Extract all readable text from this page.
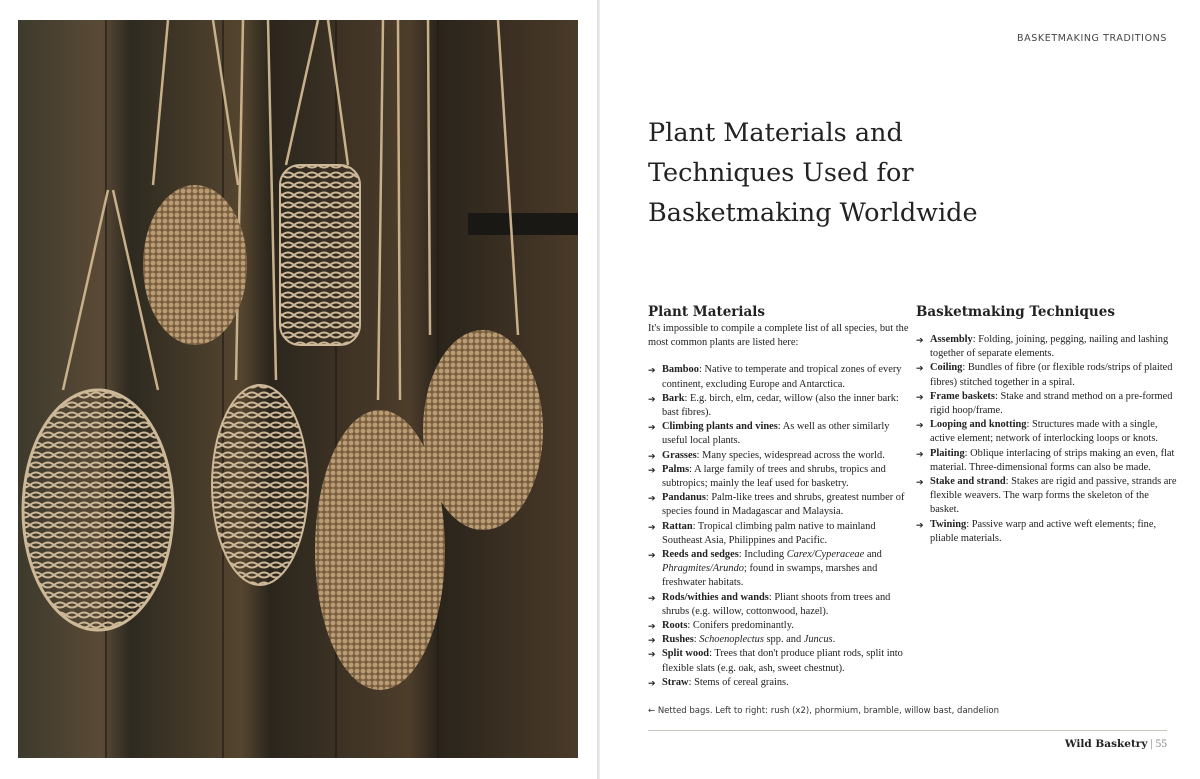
BASKETMAKING TRADITIONS
Plant Materials and
Techniques Used for
Basketmaking Worldwide
Plant Materials

It's impossible to compile a complete list of all species, but the most common plants are listed here:

➔ Bamboo: Native to temperate and tropical zones of every continent, excluding Europe and Antarctica.
➔ Bark: E.g. birch, elm, cedar, willow (also the inner bark: bast fibres).
➔ Climbing plants and vines: As well as other similarly useful local plants.
➔ Grasses: Many species, widespread across the world.
➔ Palms: A large family of trees and shrubs, tropics and subtropics; mainly the leaf used for basketry.
➔ Pandanus: Palm-like trees and shrubs, greatest number of species found in Madagascar and Malaysia.
➔ Rattan: Tropical climbing palm native to mainland Southeast Asia, Philippines and Pacific.
➔ Reeds and sedges: Including Carex/Cyperaceae and Phragmites/Arundo; found in swamps, marshes and freshwater habitats.
➔ Rods/withies and wands: Pliant shoots from trees and shrubs (e.g. willow, cottonwood, hazel).
➔ Roots: Conifers predominantly.
➔ Rushes: Schoenoplectus spp. and Juncus.
➔ Split wood: Trees that don't produce pliant rods, split into flexible slats (e.g. oak, ash, sweet chestnut).
➔ Straw: Stems of cereal grains.
Basketmaking Techniques
➔ Assembly: Folding, joining, pegging, nailing and lashing together of separate elements.
➔ Coiling: Bundles of fibre (or flexible rods/strips of plaited fibres) stitched together in a spiral.
➔ Frame baskets: Stake and strand method on a pre-formed rigid hoop/frame.
➔ Looping and knotting: Structures made with a single, active element; network of interlocking loops or knots.
➔ Plaiting: Oblique interlacing of strips making an even, flat material. Three-dimensional forms can also be made.
➔ Stake and strand: Stakes are rigid and passive, strands are flexible weavers. The warp forms the skeleton of the basket.
➔ Twining: Passive warp and active weft elements; fine, pliable materials.
← Netted bags. Left to right: rush (x2), phormium, bramble, willow bast, dandelion
Wild Basketry | 55
